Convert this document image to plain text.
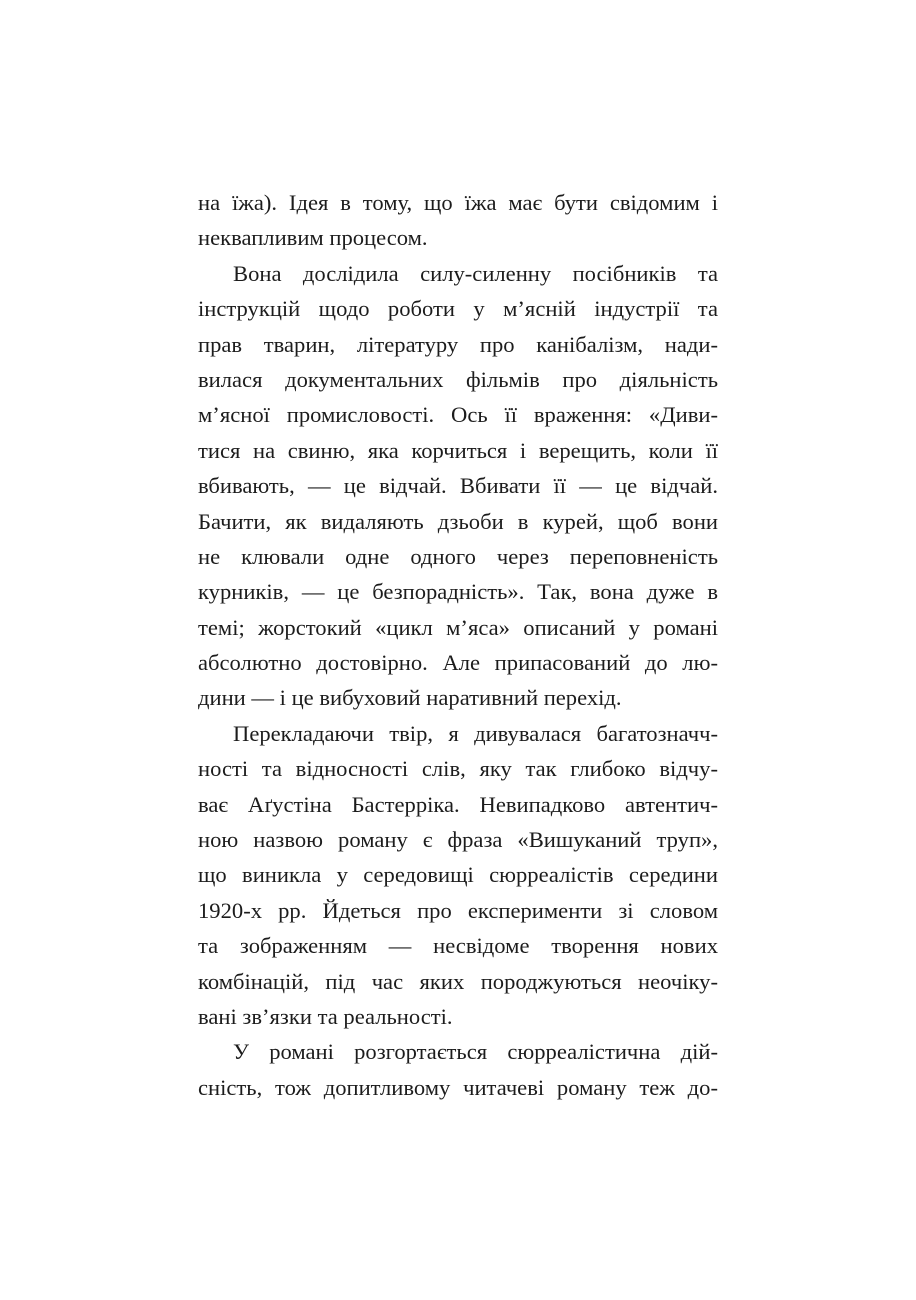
на їжа). Ідея в тому, що їжа має бути свідомим і
неквапливим процесом.
Вона дослідила силу-силенну посібників та
інструкцій щодо роботи у м’ясній індустрії та
прав тварин, літературу про канібалізм, нади-
вилася документальних фільмів про діяльність
м’ясної промисловості. Ось її враження: «Диви-
тися на свиню, яка корчиться і верещить, коли її
вбивають, — це відчай. Вбивати її — це відчай.
Бачити, як видаляють дзьоби в курей, щоб вони
не клювали одне одного через переповненість
курників, — це безпорадність». Так, вона дуже в
темі; жорстокий «цикл м’яса» описаний у романі
абсолютно достовірно. Але припасований до лю-
дини — і це вибуховий наративний перехід.
Перекладаючи твір, я дивувалася багатозначч-
ності та відносності слів, яку так глибоко відчу-
ває Аґустіна Бастерріка. Невипадково автентич-
ною назвою роману є фраза «Вишуканий труп»,
що виникла у середовищі сюрреалістів середини
1920-х рр. Йдеться про експерименти зі словом
та зображенням — несвідоме творення нових
комбінацій, під час яких породжуються неочіку-
вані зв’язки та реальності.
У романі розгортається сюрреалістична дій-
сність, тож допитливому читачеві роману теж до-
